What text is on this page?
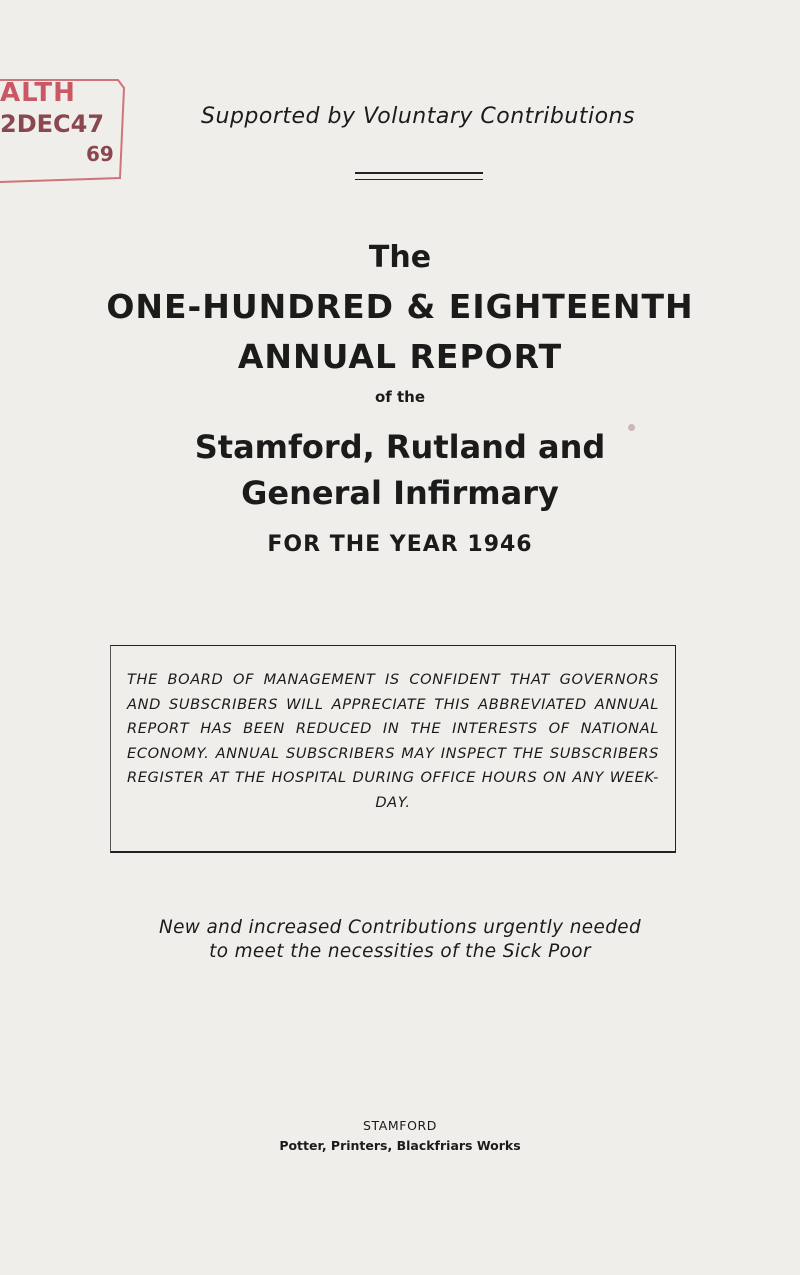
ALTH
2DEC47
69
Supported by Voluntary Contributions
The
ONE-HUNDRED & EIGHTEENTH
ANNUAL REPORT
of the
Stamford, Rutland and
General Infirmary
FOR THE YEAR 1946

THE BOARD OF MANAGEMENT IS CONFIDENT THAT GOVERNORS AND SUBSCRIBERS WILL APPRECIATE THIS ABBREVIATED ANNUAL REPORT HAS BEEN REDUCED IN THE INTERESTS OF NATIONAL ECONOMY. ANNUAL SUBSCRIBERS MAY INSPECT THE SUBSCRIBERS REGISTER AT THE HOSPITAL DURING OFFICE HOURS ON ANY WEEK-DAY.

New and increased Contributions urgently needed
to meet the necessities of the Sick Poor
STAMFORD
Potter, Printers, Blackfriars Works
